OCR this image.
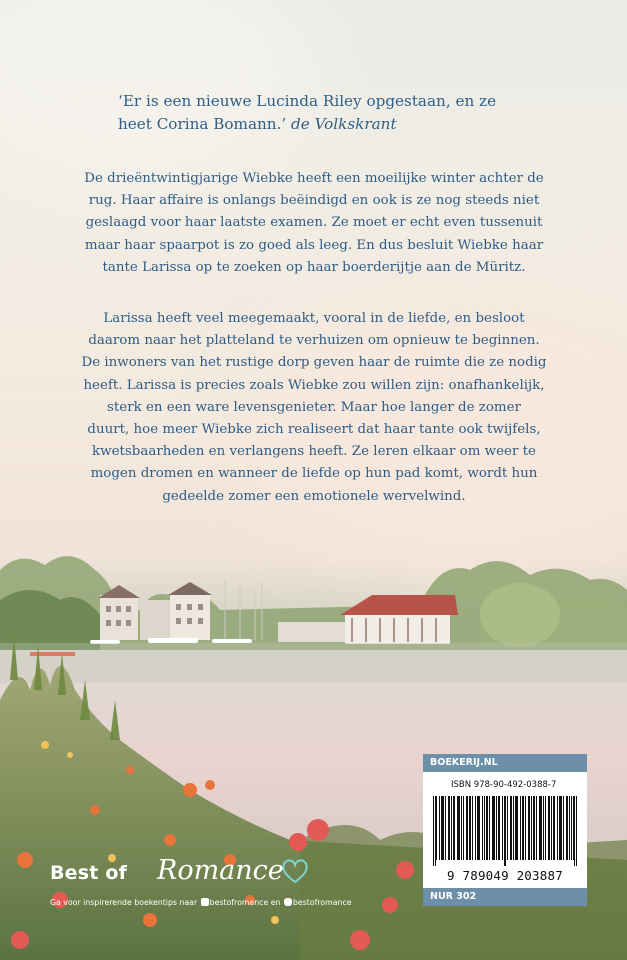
‘Er is een nieuwe Lucinda Riley opgestaan, en ze
heet Corina Bomann.’ de Volkskrant

De drieëntwintigjarige Wiebke heeft een moeilijke winter achter de
rug. Haar affaire is onlangs beëindigd en ook is ze nog steeds niet
geslaagd voor haar laatste examen. Ze moet er echt even tussenuit
maar haar spaarpot is zo goed als leeg. En dus besluit Wiebke haar
tante Larissa op te zoeken op haar boerderijtje aan de Müritz.

Larissa heeft veel meegemaakt, vooral in de liefde, en besloot
daarom naar het platteland te verhuizen om opnieuw te beginnen.
De inwoners van het rustige dorp geven haar de ruimte die ze nodig
heeft. Larissa is precies zoals Wiebke zou willen zijn: onafhankelijk,
sterk en een ware levensgenieter. Maar hoe langer de zomer
duurt, hoe meer Wiebke zich realiseert dat haar tante ook twijfels,
kwetsbaarheden en verlangens heeft. Ze leren elkaar om weer te
mogen dromen en wanneer de liefde op hun pad komt, wordt hun
gedeelde zomer een emotionele wervelwind.

Best of Romance
Ga voor inspirerende boekentips naar bestofromance en bestofromance
BOEKERIJ.NL
ISBN 978-90-492-0388-7
9 789049 203887
NUR 302
